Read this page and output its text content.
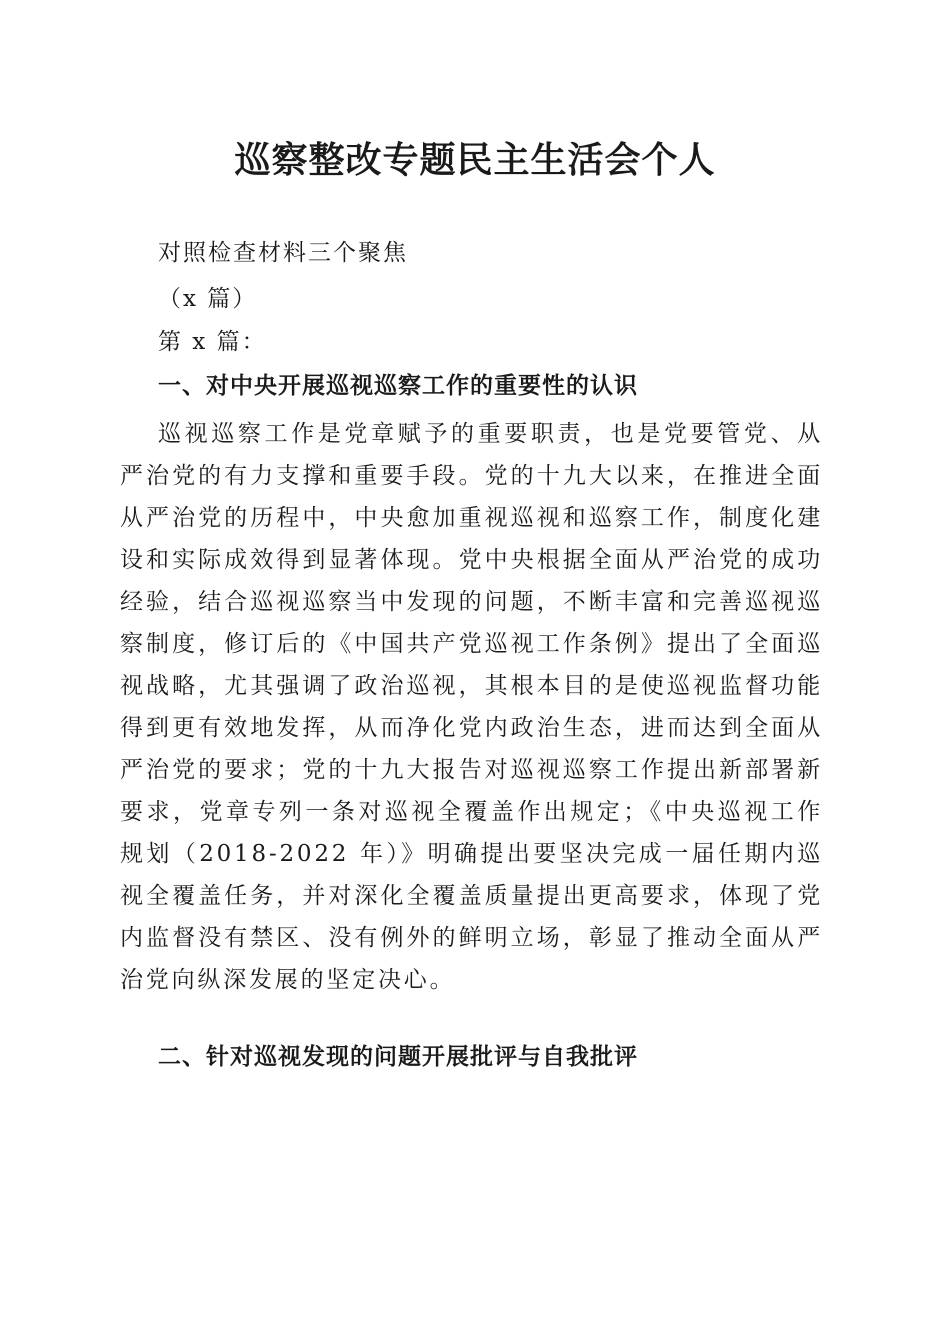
巡察整改专题民主生活会个人
对照检查材料三个聚焦
（x 篇）
第 x 篇：
一、对中央开展巡视巡察工作的重要性的认识

巡视巡察工作是党章赋予的重要职责，也是党要管党、从严治党的有力支撑和重要手段。党的十九大以来，在推进全面从严治党的历程中，中央愈加重视巡视和巡察工作，制度化建设和实际成效得到显著体现。党中央根据全面从严治党的成功经验，结合巡视巡察当中发现的问题，不断丰富和完善巡视巡察制度，修订后的《中国共产党巡视工作条例》提出了全面巡视战略，尤其强调了政治巡视，其根本目的是使巡视监督功能得到更有效地发挥，从而净化党内政治生态，进而达到全面从严治党的要求；党的十九大报告对巡视巡察工作提出新部署新要求，党章专列一条对巡视全覆盖作出规定；《中央巡视工作规划（2018-2022 年）》明确提出要坚决完成一届任期内巡视全覆盖任务，并对深化全覆盖质量提出更高要求，体现了党内监督没有禁区、没有例外的鲜明立场，彰显了推动全面从严治党向纵深发展的坚定决心。

二、针对巡视发现的问题开展批评与自我批评
